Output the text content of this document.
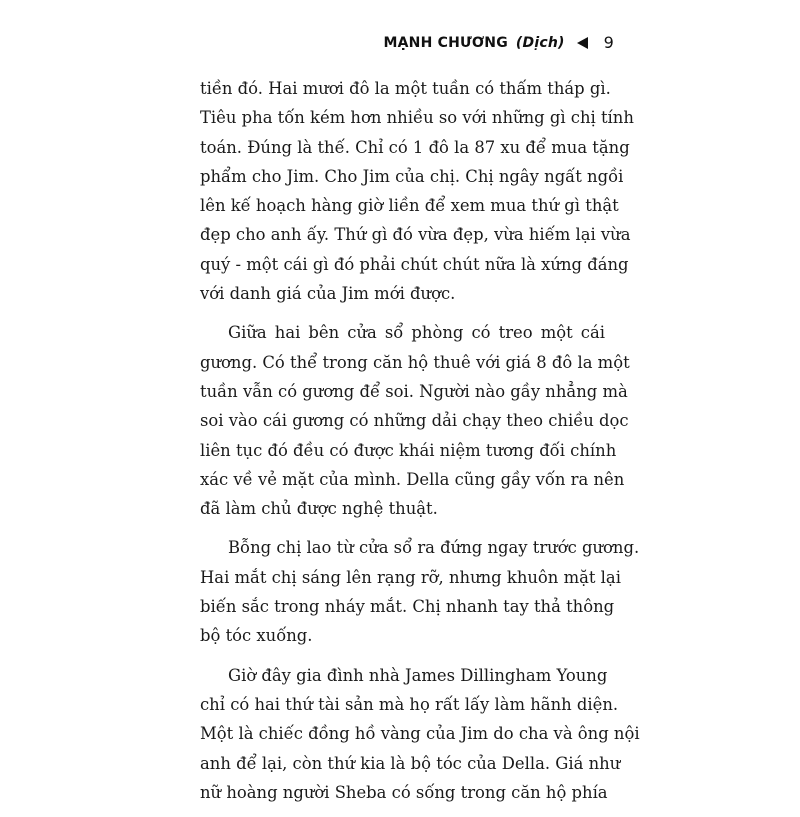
MẠNH CHƯƠNG (Dịch) 9
tiền đó. Hai mươi đô la một tuần có thấm tháp gì.
Tiêu pha tốn kém hơn nhiều so với những gì chị tính
toán. Đúng là thế. Chỉ có 1 đô la 87 xu để mua tặng
phẩm cho Jim. Cho Jim của chị. Chị ngây ngất ngồi
lên kế hoạch hàng giờ liền để xem mua thứ gì thật
đẹp cho anh ấy. Thứ gì đó vừa đẹp, vừa hiếm lại vừa
quý - một cái gì đó phải chút chút nữa là xứng đáng
với danh giá của Jim mới được.
Giữa hai bên cửa sổ phòng có treo một cái
gương. Có thể trong căn hộ thuê với giá 8 đô la một
tuần vẫn có gương để soi. Người nào gầy nhẳng mà
soi vào cái gương có những dải chạy theo chiều dọc
liên tục đó đều có được khái niệm tương đối chính
xác về vẻ mặt của mình. Della cũng gầy vốn ra nên
đã làm chủ được nghệ thuật.
Bỗng chị lao từ cửa sổ ra đứng ngay trước gương.
Hai mắt chị sáng lên rạng rỡ, nhưng khuôn mặt lại
biến sắc trong nháy mắt. Chị nhanh tay thả thông
bộ tóc xuống.
Giờ đây gia đình nhà James Dillingham Young
chỉ có hai thứ tài sản mà họ rất lấy làm hãnh diện.
Một là chiếc đồng hồ vàng của Jim do cha và ông nội
anh để lại, còn thứ kia là bộ tóc của Della. Giá như
nữ hoàng người Sheba có sống trong căn hộ phía
